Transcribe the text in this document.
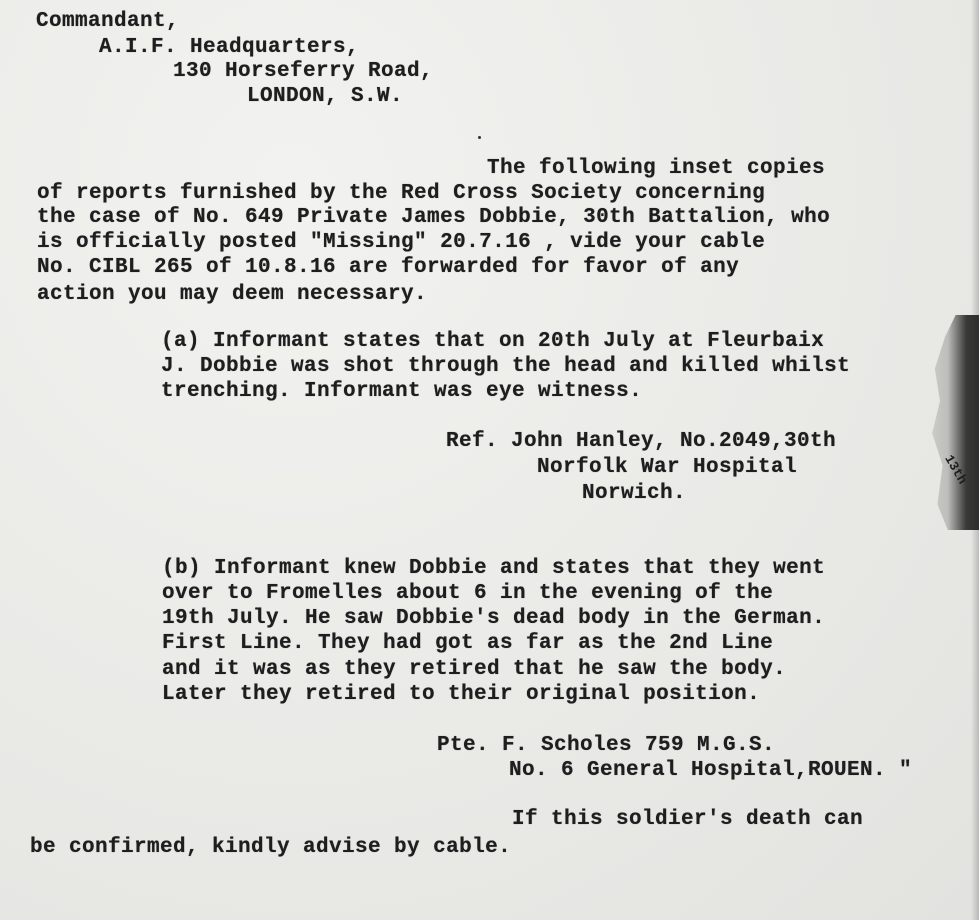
Commandant,
A.I.F. Headquarters,
130 Horseferry Road,
LONDON, S.W.
The following inset copies
of reports furnished by the Red Cross Society concerning
the case of No. 649 Private James Dobbie, 30th Battalion, who
is officially posted "Missing" 20.7.16 , vide your cable
No. CIBL 265 of 10.8.16 are forwarded for favor of any
action you may deem necessary.
(a) Informant states that on 20th July at Fleurbaix
J. Dobbie was shot through the head and killed whilst
trenching. Informant was eye witness.
Ref. John Hanley, No.2049,30th
Norfolk War Hospital
Norwich.
(b) Informant knew Dobbie and states that they went
over to Fromelles about 6 in the evening of the
19th July. He saw Dobbie's dead body in the German.
First Line. They had got as far as the 2nd Line
and it was as they retired that he saw the body.
Later they retired to their original position.
Pte. F. Scholes 759 M.G.S.
No. 6 General Hospital,ROUEN. "
If this soldier's death can
be confirmed, kindly advise by cable.
13th
